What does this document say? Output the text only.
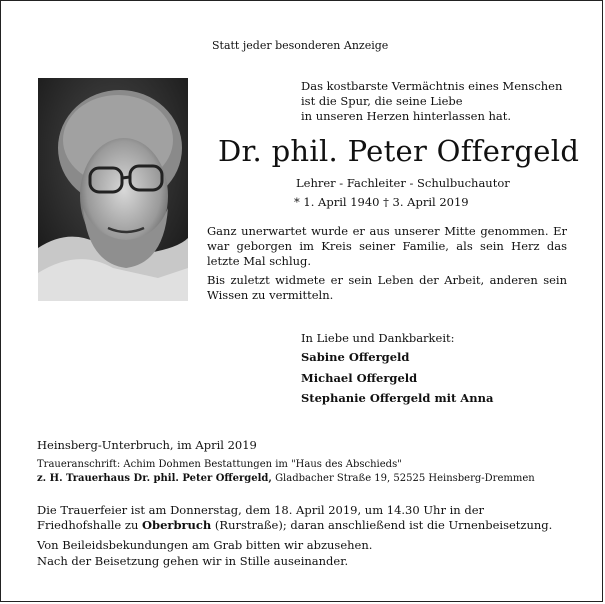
Statt jeder besonderen Anzeige
Das kostbarste Vermächtnis eines Menschen
ist die Spur, die seine Liebe
in unseren Herzen hinterlassen hat.
Dr. phil. Peter Offergeld
Lehrer - Fachleiter - Schulbuchautor
* 1. April 1940 † 3. April 2019
Ganz unerwartet wurde er aus unserer Mitte genommen. Er war geborgen im Kreis seiner Familie, als sein Herz das letzte Mal schlug.
Bis zuletzt widmete er sein Leben der Arbeit, anderen sein Wissen zu vermitteln.
In Liebe und Dankbarkeit:
Sabine Offergeld
Michael Offergeld
Stephanie Offergeld mit Anna
Heinsberg-Unterbruch, im April 2019
Traueranschrift: Achim Dohmen Bestattungen im "Haus des Abschieds"
z. H. Trauerhaus Dr. phil. Peter Offergeld, Gladbacher Straße 19, 52525 Heinsberg-Dremmen
Die Trauerfeier ist am Donnerstag, dem 18. April 2019, um 14.30 Uhr in der Friedhofshalle zu Oberbruch (Rurstraße); daran anschließend ist die Urnenbeisetzung.
Von Beileidsbekundungen am Grab bitten wir abzusehen.
Nach der Beisetzung gehen wir in Stille auseinander.
